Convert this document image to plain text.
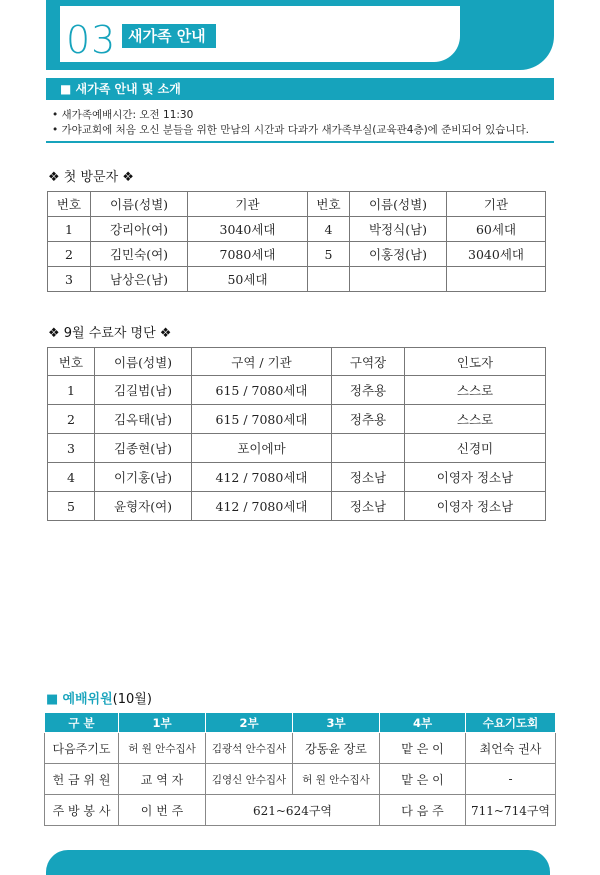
03 새가족 안내
■ 새가족 안내 및 소개
• 새가족예배시간: 오전 11:30
• 가야교회에 처음 오신 분들을 위한 만남의 시간과 다과가 새가족부실(교육관4층)에 준비되어 있습니다.
❖ 첫 방문자 ❖
번호	이름(성별)	기관	번호	이름(성별)	기관
1	강리아(여)	3040세대	4	박정식(남)	60세대
2	김민숙(여)	7080세대	5	이홍정(남)	3040세대
3	남상은(남)	50세대			
❖ 9월 수료자 명단 ❖
번호	이름(성별)	구역 / 기관	구역장	인도자
1	김길범(남)	615 / 7080세대	정추용	스스로
2	김옥태(남)	615 / 7080세대	정추용	스스로
3	김종현(남)	포이에마		신경미
4	이기홍(남)	412 / 7080세대	정소남	이영자 정소남
5	윤형자(여)	412 / 7080세대	정소남	이영자 정소남
■ 예배위원(10월)
구 분	1부	2부	3부	4부	수요기도회
다음주기도	허 원 안수집사	김광석 안수집사	강동윤 장로	맡 은 이	최언숙 권사
헌 금 위 원	교 역 자	김영신 안수집사	허 원 안수집사	맡 은 이	-
주 방 봉 사	이 번 주	621~624구역		다 음 주	711~714구역
